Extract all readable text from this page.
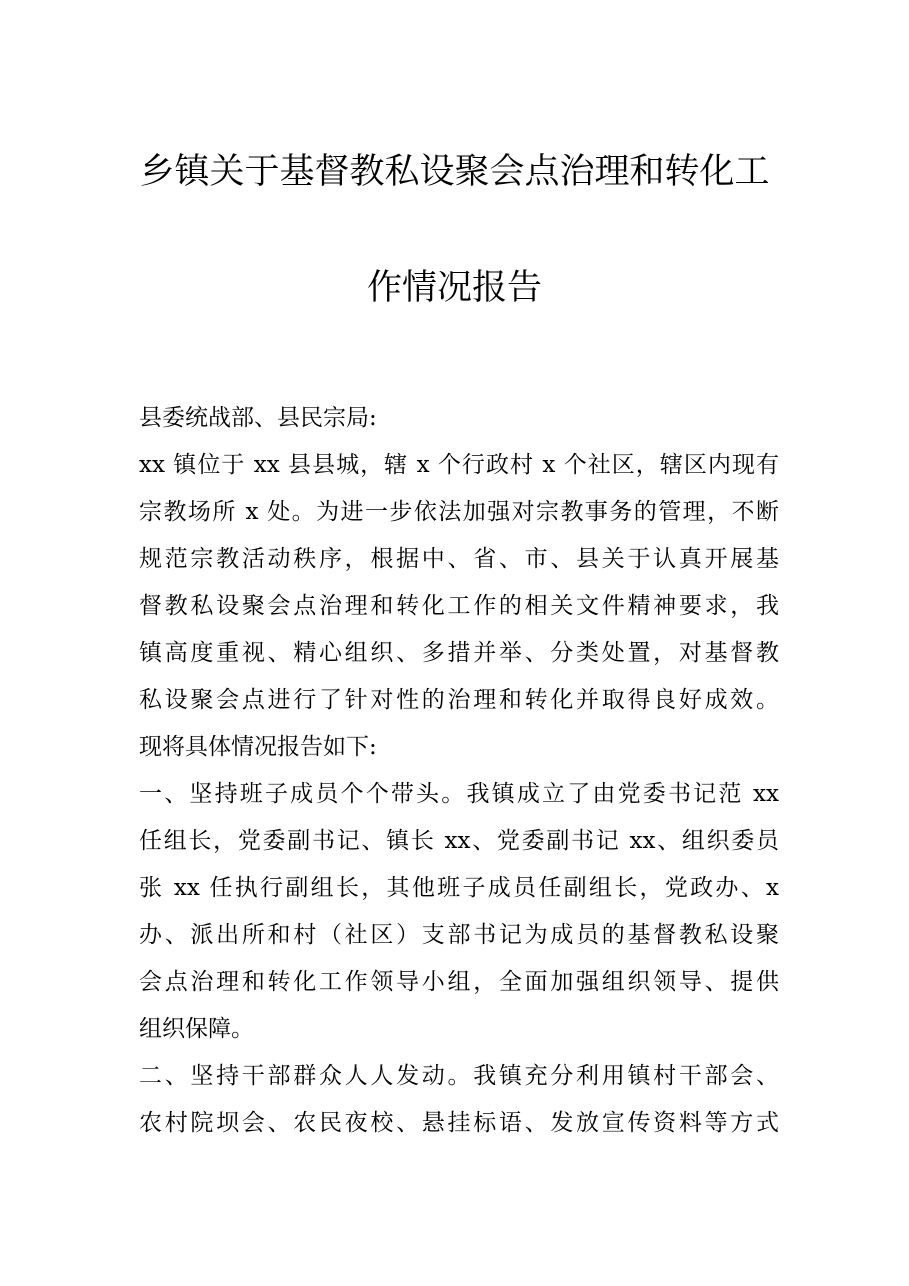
乡镇关于基督教私设聚会点治理和转化工
作情况报告
县委统战部、县民宗局:
xx 镇位于 xx 县县城，辖 x 个行政村 x 个社区，辖区内现有
宗教场所 x 处。为进一步依法加强对宗教事务的管理，不断
规范宗教活动秩序，根据中、省、市、县关于认真开展基
督教私设聚会点治理和转化工作的相关文件精神要求，我
镇高度重视、精心组织、多措并举、分类处置，对基督教
私设聚会点进行了针对性的治理和转化并取得良好成效。
现将具体情况报告如下:
一、坚持班子成员个个带头。我镇成立了由党委书记范 xx
任组长，党委副书记、镇长 xx、党委副书记 xx、组织委员
张 xx 任执行副组长，其他班子成员任副组长，党政办、x
办、派出所和村（社区）支部书记为成员的基督教私设聚
会点治理和转化工作领导小组，全面加强组织领导、提供
组织保障。
二、坚持干部群众人人发动。我镇充分利用镇村干部会、
农村院坝会、农民夜校、悬挂标语、发放宣传资料等方式
